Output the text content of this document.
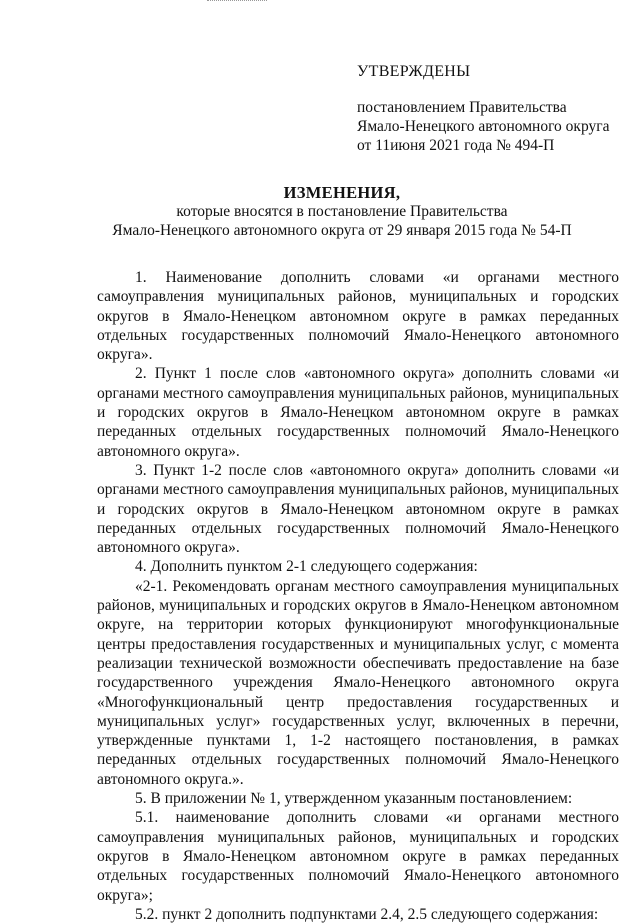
УТВЕРЖДЕНЫ
постановлением Правительства
Ямало-Ненецкого автономного округа
от 11июня 2021 года № 494-П
ИЗМЕНЕНИЯ,
которые вносятся в постановление Правительства
Ямало-Ненецкого автономного округа от 29 января 2015 года № 54-П

1. Наименование дополнить словами «и органами местного самоуправления муниципальных районов, муниципальных и городских округов в Ямало-Ненецком автономном округе в рамках переданных отдельных государственных полномочий Ямало-Ненецкого автономного округа».

2. Пункт 1 после слов «автономного округа» дополнить словами «и органами местного самоуправления муниципальных районов, муниципальных и городских округов в Ямало-Ненецком автономном округе в рамках переданных отдельных государственных полномочий Ямало-Ненецкого автономного округа».

3. Пункт 1-2 после слов «автономного округа» дополнить словами «и органами местного самоуправления муниципальных районов, муниципальных и городских округов в Ямало-Ненецком автономном округе в рамках переданных отдельных государственных полномочий Ямало-Ненецкого автономного округа».

4. Дополнить пунктом 2-1 следующего содержания:

«2-1. Рекомендовать органам местного самоуправления муниципальных районов, муниципальных и городских округов в Ямало-Ненецком автономном округе, на территории которых функционируют многофункциональные центры предоставления государственных и муниципальных услуг, с момента реализации технической возможности обеспечивать предоставление на базе государственного учреждения Ямало-Ненецкого автономного округа «Многофункциональный центр предоставления государственных и муниципальных услуг» государственных услуг, включенных в перечни, утвержденные пунктами 1, 1-2 настоящего постановления, в рамках переданных отдельных государственных полномочий Ямало-Ненецкого автономного округа.».

5. В приложении № 1, утвержденном указанным постановлением:

5.1. наименование дополнить словами «и органами местного самоуправления муниципальных районов, муниципальных и городских округов в Ямало-Ненецком автономном округе в рамках переданных отдельных государственных полномочий Ямало-Ненецкого автономного округа»;

5.2. пункт 2 дополнить подпунктами 2.4, 2.5 следующего содержания:
